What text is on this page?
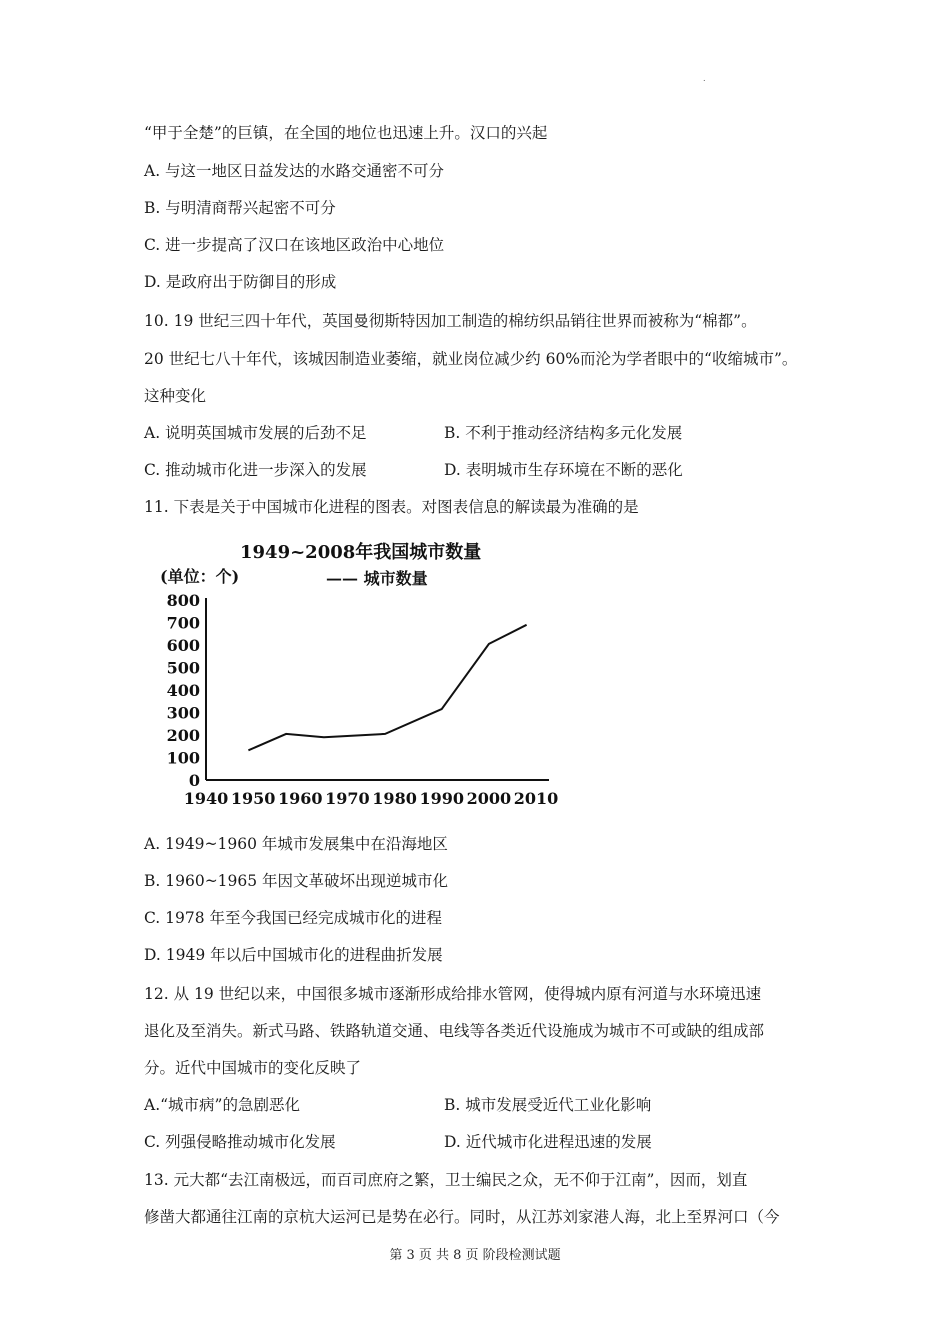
.
“甲于全楚”的巨镇，在全国的地位也迅速上升。汉口的兴起
A. 与这一地区日益发达的水路交通密不可分
B. 与明清商帮兴起密不可分
C. 进一步提高了汉口在该地区政治中心地位
D. 是政府出于防御目的形成
10. 19 世纪三四十年代，英国曼彻斯特因加工制造的棉纺织品销往世界而被称为“棉都”。
20 世纪七八十年代，该城因制造业萎缩，就业岗位减少约 60%而沦为学者眼中的“收缩城市”。
这种变化
A. 说明英国城市发展的后劲不足	B. 不利于推动经济结构多元化发展
C. 推动城市化进一步深入的发展	D. 表明城市生存环境在不断的恶化
11. 下表是关于中国城市化进程的图表。对图表信息的解读最为准确的是
1949~2008年我国城市数量
(单位：个)	—— 城市数量
0
100
200
300
400
500
600
700
800
1940 1950 1960 1970 1980 1990 2000 2010
A. 1949~1960 年城市发展集中在沿海地区
B. 1960~1965 年因文革破坏出现逆城市化
C. 1978 年至今我国已经完成城市化的进程
D. 1949 年以后中国城市化的进程曲折发展
12. 从 19 世纪以来，中国很多城市逐渐形成给排水管网，使得城内原有河道与水环境迅速
退化及至消失。新式马路、铁路轨道交通、电线等各类近代设施成为城市不可或缺的组成部
分。近代中国城市的变化反映了
A.“城市病”的急剧恶化	B. 城市发展受近代工业化影响
C. 列强侵略推动城市化发展	D. 近代城市化进程迅速的发展
13. 元大都“去江南极远，而百司庶府之繁，卫士编民之众，无不仰于江南”，因而，划直
修凿大都通往江南的京杭大运河已是势在必行。同时，从江苏刘家港人海，北上至界河口（今
第 3 页 共 8 页 阶段检测试题
